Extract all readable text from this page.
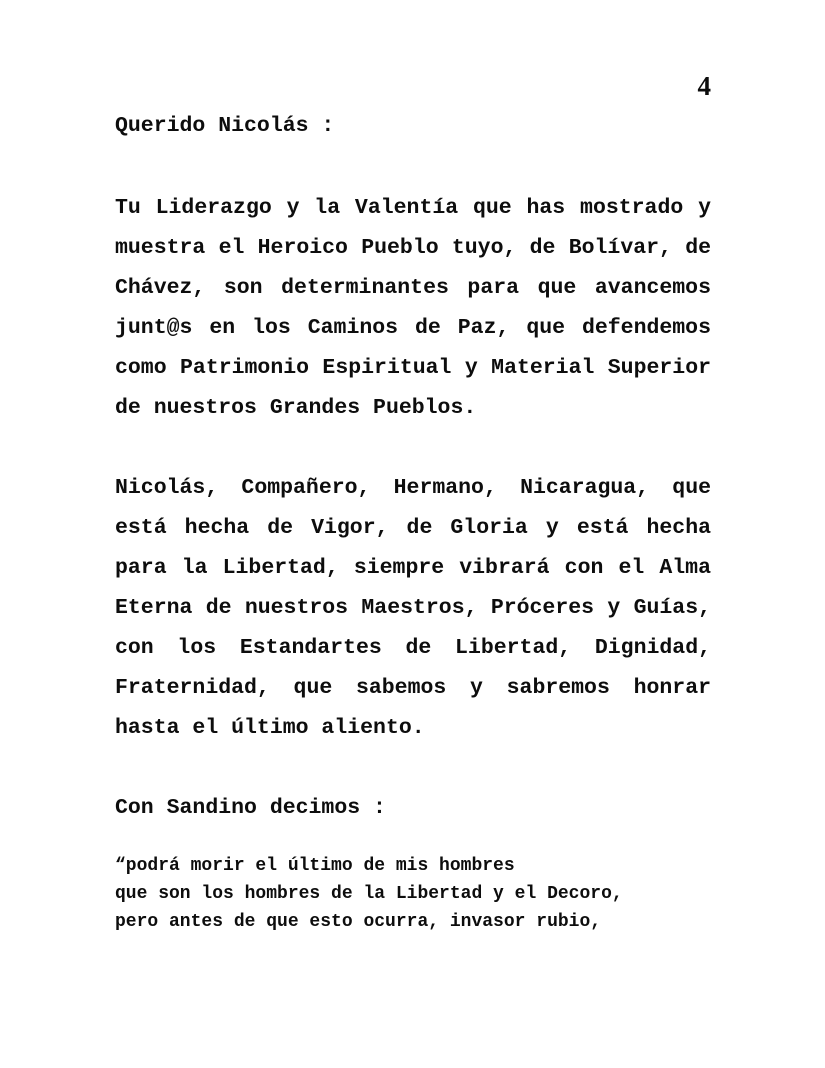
4
Querido Nicolás :
Tu Liderazgo y la Valentía que has mostrado y
muestra el Heroico Pueblo tuyo, de Bolívar, de
Chávez, son determinantes para que avancemos
junt@s en los Caminos de Paz, que defendemos
como Patrimonio Espiritual y Material Superior
de nuestros Grandes Pueblos.
Nicolás, Compañero, Hermano, Nicaragua, que
está hecha de Vigor, de Gloria y está hecha
para la Libertad, siempre vibrará con el Alma
Eterna de nuestros Maestros, Próceres y Guías,
con los Estandartes de Libertad, Dignidad,
Fraternidad, que sabemos y sabremos honrar
hasta el último aliento.
Con Sandino decimos :
“podrá morir el último de mis hombres
que son los hombres de la Libertad y el Decoro,
pero antes de que esto ocurra, invasor rubio,
